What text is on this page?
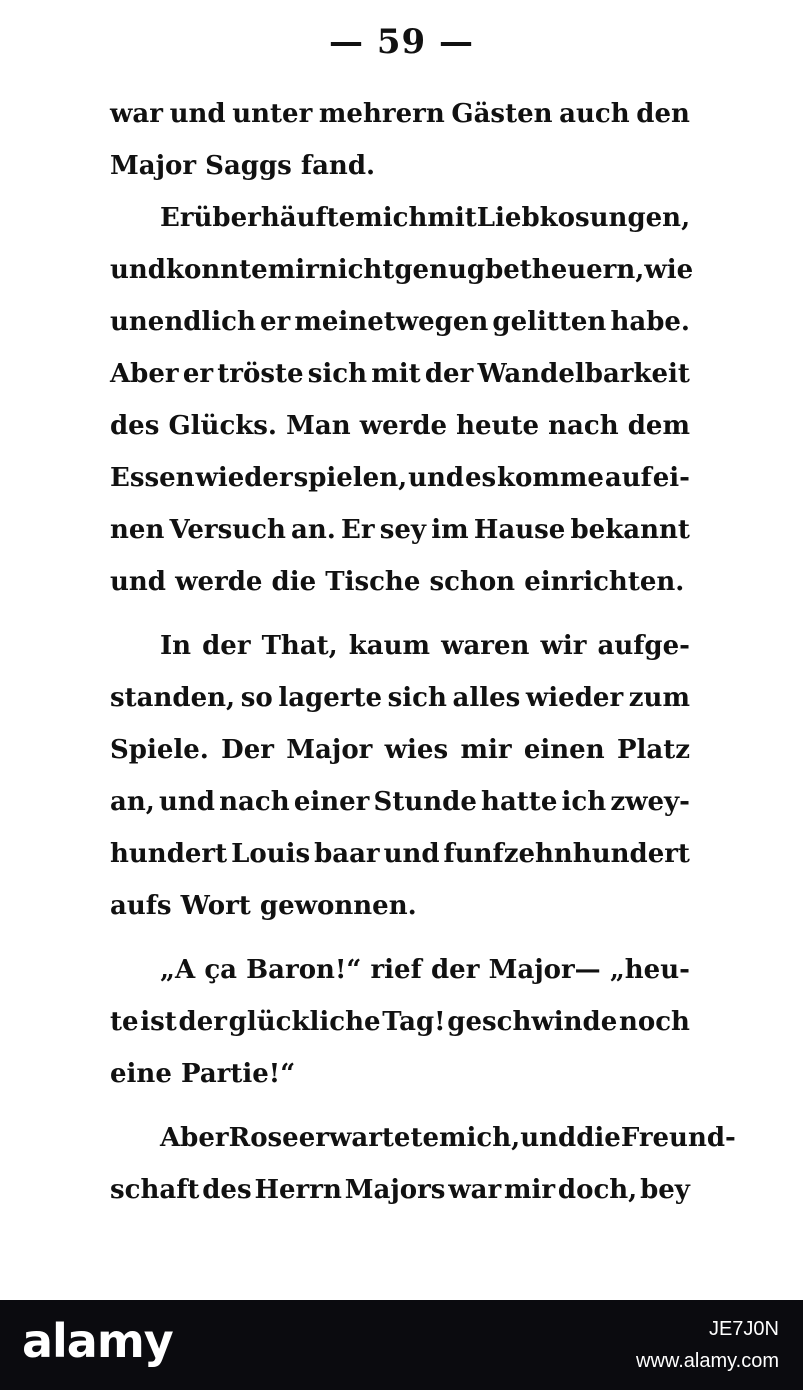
— 59 —
war und unter mehrern Gästen auch den
Major Saggs fand.
Er überhäufte mich mit Liebkosungen,
und konnte mir nicht genug betheuern, wie
unendlich er meinetwegen gelitten habe.
Aber er tröste sich mit der Wandelbarkeit
des Glücks. Man werde heute nach dem
Essen wieder spielen, und es komme auf ei-
nen Versuch an. Er sey im Hause bekannt
und werde die Tische schon einrichten.
In der That, kaum waren wir aufge-
standen, so lagerte sich alles wieder zum
Spiele. Der Major wies mir einen Platz
an, und nach einer Stunde hatte ich zwey-
hundert Louis baar und funfzehnhundert
aufs Wort gewonnen.
„A ça Baron!“ rief der Major— „heu-
te ist der glückliche Tag! geschwinde noch
eine Partie!“
Aber Rose erwartete mich, und die Freund-
schaft des Herrn Majors war mir doch, bey
alamy	JE7J0N
www.alamy.com
